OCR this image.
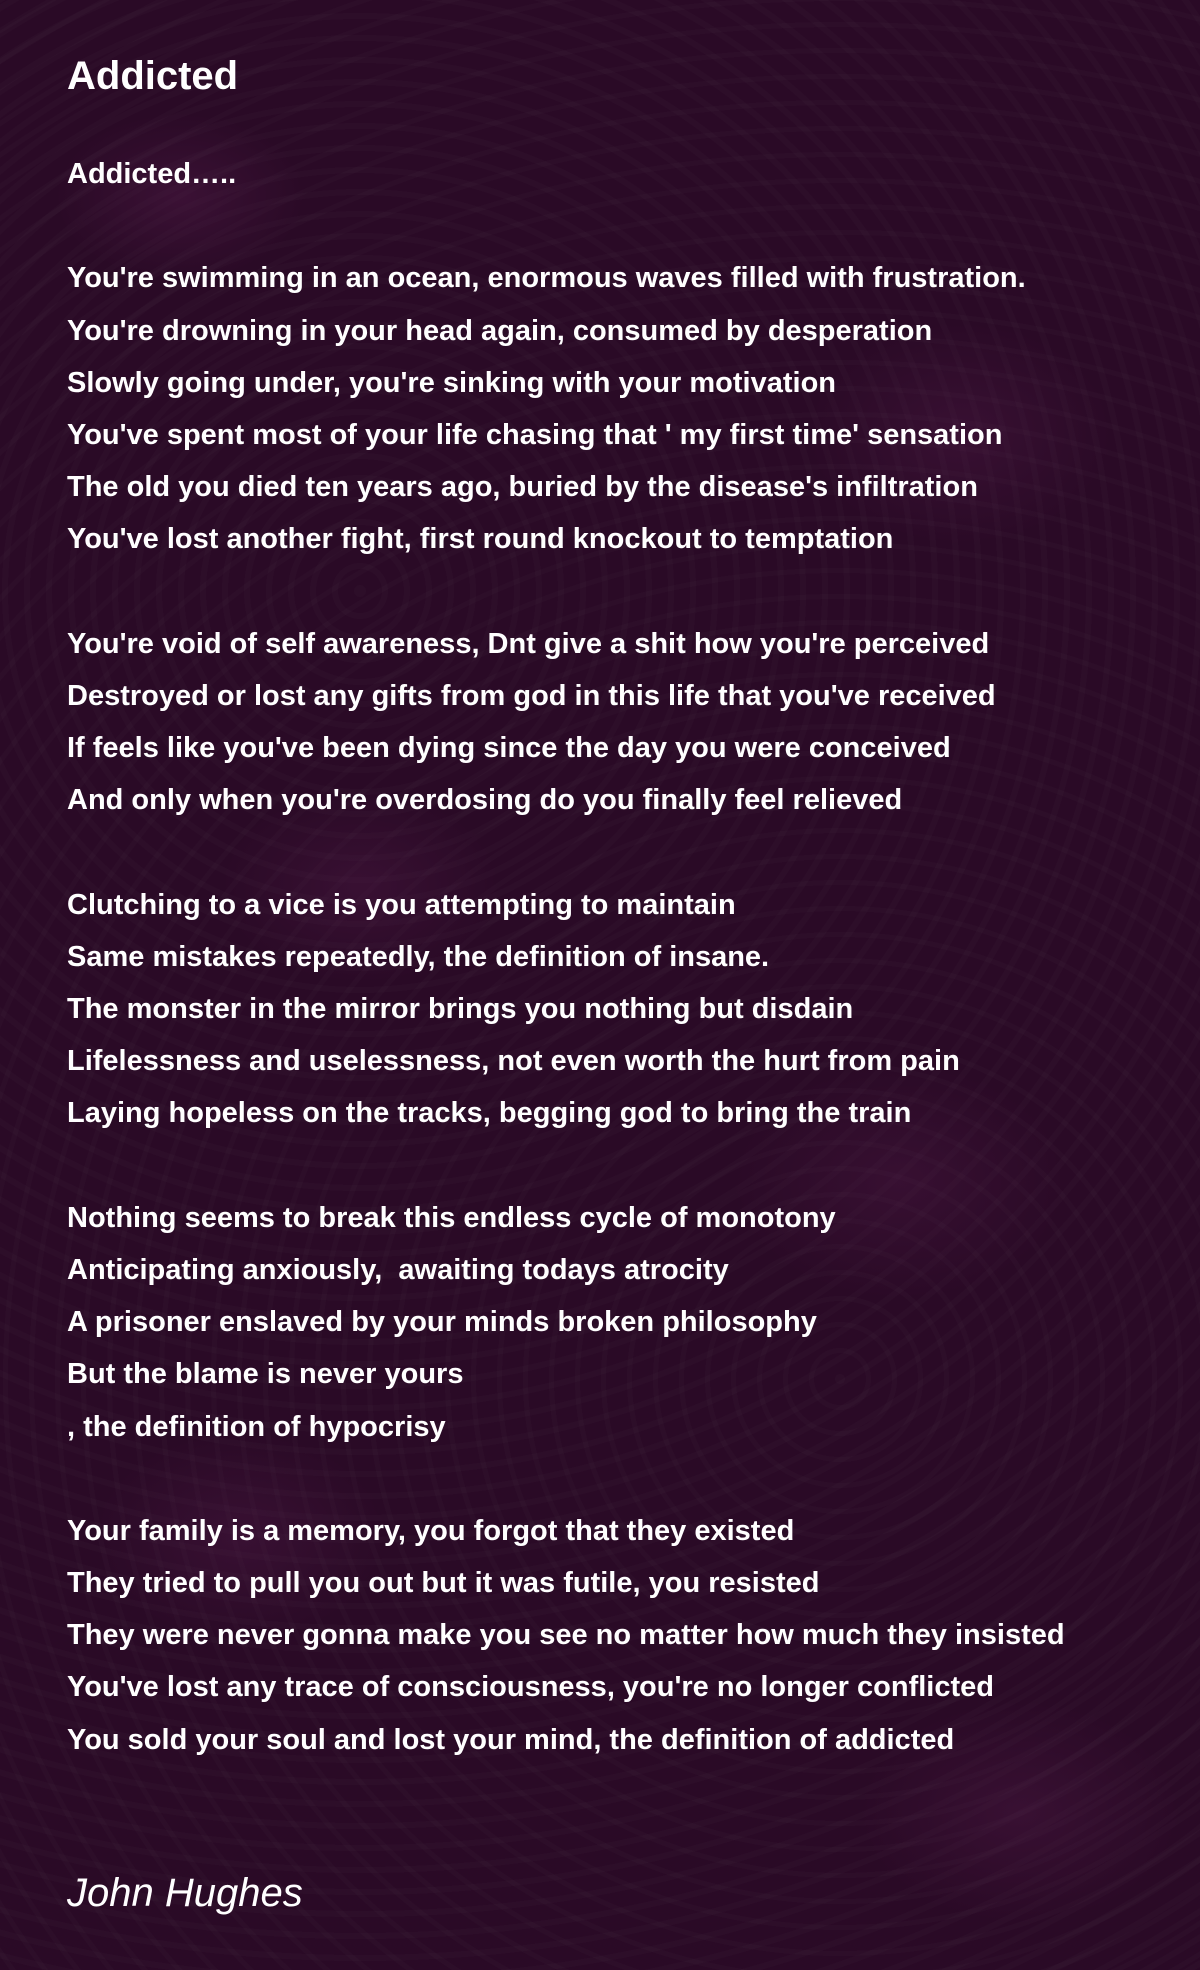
Addicted
Addicted…..
You're swimming in an ocean, enormous waves filled with frustration.
You're drowning in your head again, consumed by desperation
Slowly going under, you're sinking with your motivation
You've spent most of your life chasing that ' my first time' sensation
The old you died ten years ago, buried by the disease's infiltration
You've lost another fight, first round knockout to temptation
You're void of self awareness, Dnt give a shit how you're perceived
Destroyed or lost any gifts from god in this life that you've received
If feels like you've been dying since the day you were conceived
And only when you're overdosing do you finally feel relieved
Clutching to a vice is you attempting to maintain
Same mistakes repeatedly, the definition of insane.
The monster in the mirror brings you nothing but disdain
Lifelessness and uselessness, not even worth the hurt from pain
Laying hopeless on the tracks, begging god to bring the train
Nothing seems to break this endless cycle of monotony
Anticipating anxiously,  awaiting todays atrocity
A prisoner enslaved by your minds broken philosophy
But the blame is never yours
, the definition of hypocrisy
Your family is a memory, you forgot that they existed
They tried to pull you out but it was futile, you resisted
They were never gonna make you see no matter how much they insisted
You've lost any trace of consciousness, you're no longer conflicted
You sold your soul and lost your mind, the definition of addicted
John Hughes
